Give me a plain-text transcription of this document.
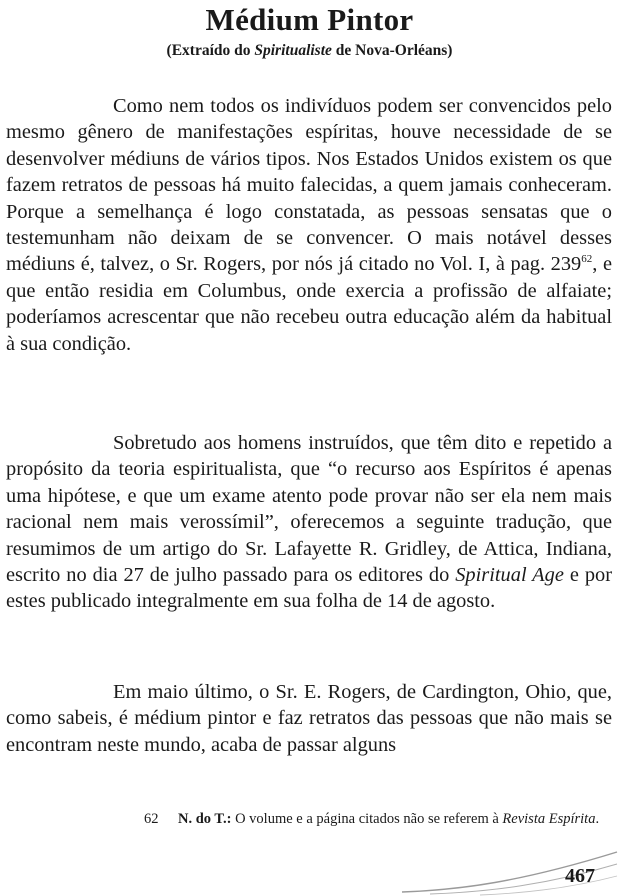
Médium Pintor
(Extraído do Spiritualiste de Nova-Orléans)

Como nem todos os indivíduos podem ser convencidos pelo mesmo gênero de manifestações espíritas, houve necessidade de se desenvolver médiuns de vários tipos. Nos Estados Unidos existem os que fazem retratos de pessoas há muito falecidas, a quem jamais conheceram. Porque a semelhança é logo constatada, as pessoas sensatas que o testemunham não deixam de se convencer. O mais notável desses médiuns é, talvez, o Sr. Rogers, por nós já citado no Vol. I, à pag. $239^{62}$, e que então residia em Columbus, onde exercia a profissão de alfaiate; poderíamos acrescentar que não recebeu outra educação além da habitual à sua condição.

Sobretudo aos homens instruídos, que têm dito e repetido a propósito da teoria espiritualista, que “o recurso aos Espíritos é apenas uma hipótese, e que um exame atento pode provar não ser ela nem mais racional nem mais verossímil”, oferecemos a seguinte tradução, que resumimos de um artigo do Sr. Lafayette R. Gridley, de Attica, Indiana, escrito no dia 27 de julho passado para os editores do Spiritual Age e por estes publicado integralmente em sua folha de 14 de agosto.

Em maio último, o Sr. E. Rogers, de Cardington, Ohio, que, como sabeis, é médium pintor e faz retratos das pessoas que não mais se encontram neste mundo, acaba de passar alguns

62 N. do T.: O volume e a página citados não se referem à Revista Espírita.
467
